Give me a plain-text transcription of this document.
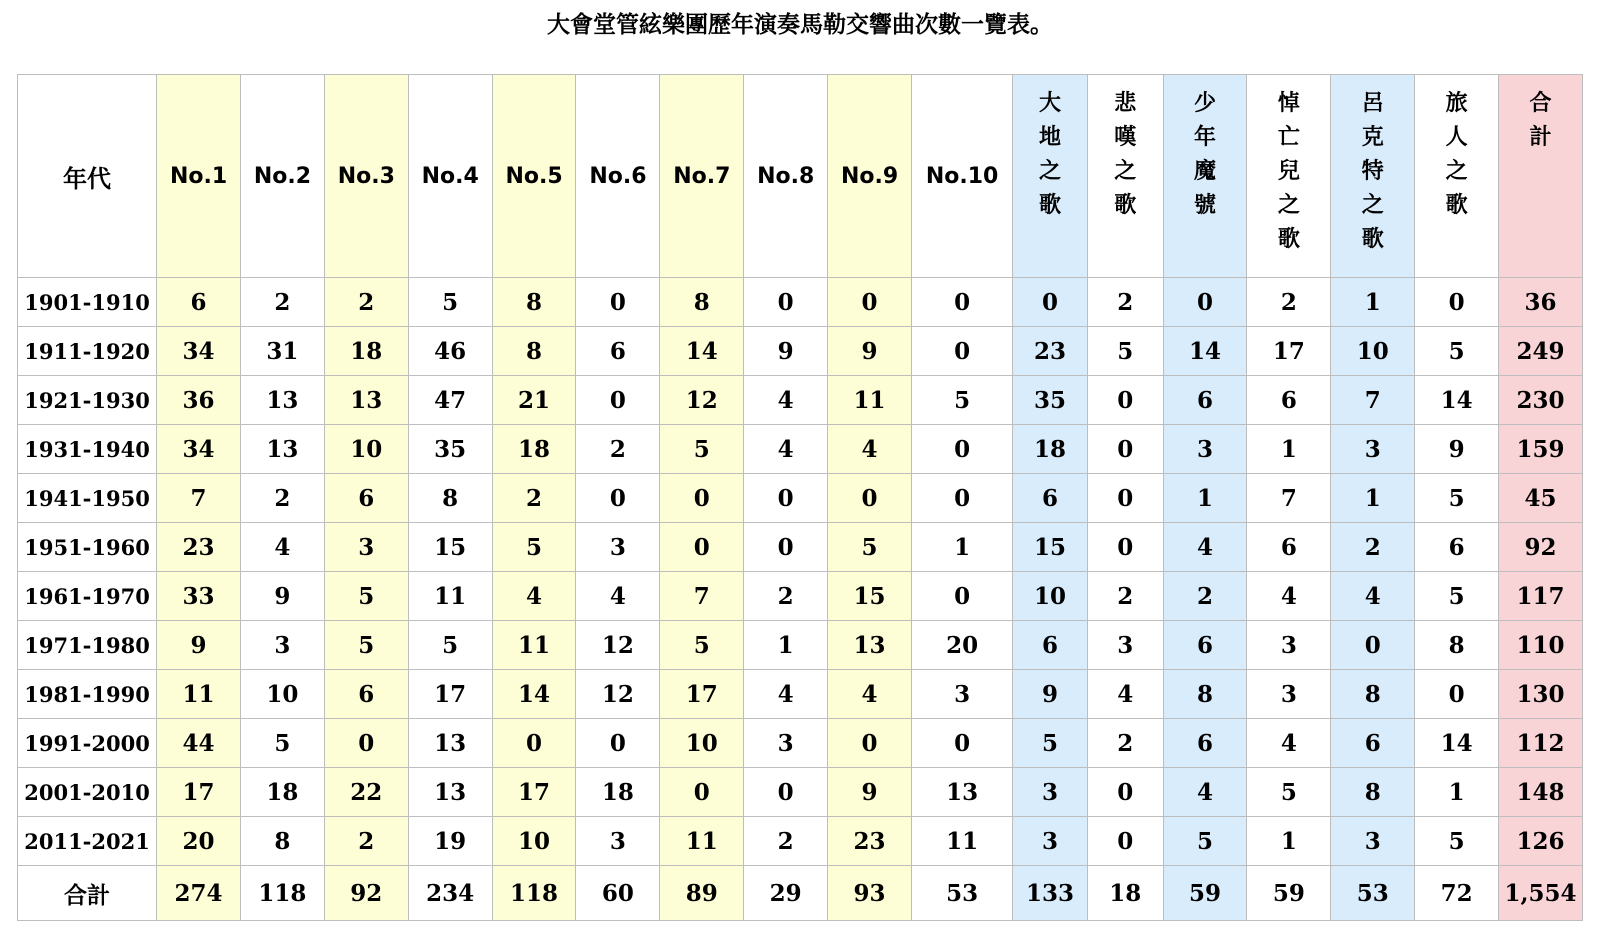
大會堂管絃樂團歷年演奏馬勒交響曲次數一覽表。
年代	No.1	No.2	No.3	No.4	No.5	No.6	No.7	No.8	No.9	No.10	大地之歌	悲嘆之歌	少年魔號	悼亡兒之歌	呂克特之歌	旅人之歌	合計

1901-1910	6	2	2	5	8	0	8	0	0	0	0	2	0	2	1	0	36
1911-1920	34	31	18	46	8	6	14	9	9	0	23	5	14	17	10	5	249
1921-1930	36	13	13	47	21	0	12	4	11	5	35	0	6	6	7	14	230
1931-1940	34	13	10	35	18	2	5	4	4	0	18	0	3	1	3	9	159
1941-1950	7	2	6	8	2	0	0	0	0	0	6	0	1	7	1	5	45
1951-1960	23	4	3	15	5	3	0	0	5	1	15	0	4	6	2	6	92
1961-1970	33	9	5	11	4	4	7	2	15	0	10	2	2	4	4	5	117
1971-1980	9	3	5	5	11	12	5	1	13	20	6	3	6	3	0	8	110
1981-1990	11	10	6	17	14	12	17	4	4	3	9	4	8	3	8	0	130
1991-2000	44	5	0	13	0	0	10	3	0	0	5	2	6	4	6	14	112
2001-2010	17	18	22	13	17	18	0	0	9	13	3	0	4	5	8	1	148
2011-2021	20	8	2	19	10	3	11	2	23	11	3	0	5	1	3	5	126
合計	274	118	92	234	118	60	89	29	93	53	133	18	59	59	53	72	1,554
